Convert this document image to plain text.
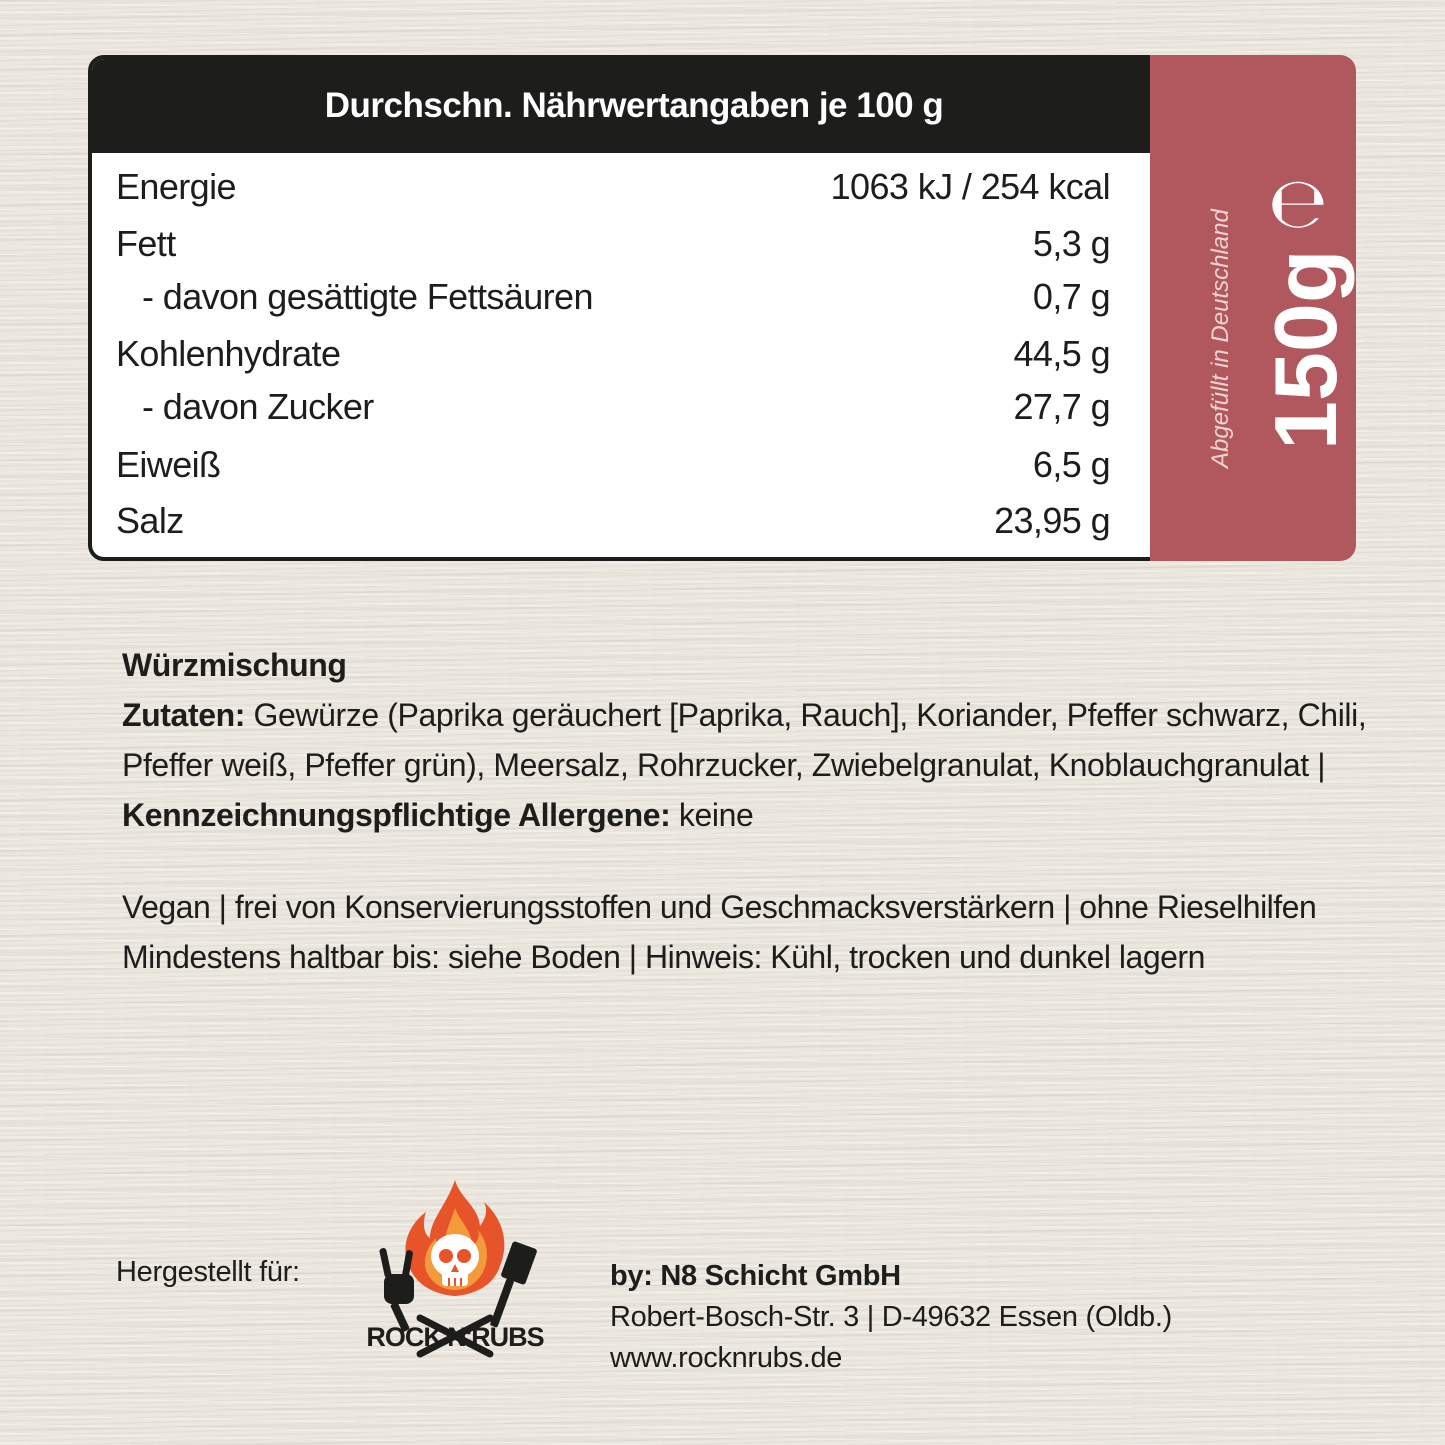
Durchschn. Nährwertangaben je 100 g
Energie	1063 kJ / 254 kcal
Fett	5,3 g
- davon gesättigte Fettsäuren	0,7 g
Kohlenhydrate	44,5 g
- davon Zucker	27,7 g
Eiweiß	6,5 g
Salz	23,95 g
Abgefüllt in Deutschland 150g
℮
Würzmischung
Zutaten: Gewürze (Paprika geräuchert [Paprika, Rauch], Koriander, Pfeffer schwarz, Chili, Pfeffer weiß, Pfeffer grün), Meersalz, Rohrzucker, Zwiebelgranulat, Knoblauchgranulat | Kennzeichnungspflichtige Allergene: keine
Vegan | frei von Konservierungsstoffen und Geschmacksverstärkern | ohne Rieselhilfen
Mindestens haltbar bis: siehe Boden | Hinweis: Kühl, trocken und dunkel lagern
Hergestellt für:
ROCK'N'RUBS
by: N8 Schicht GmbH
Robert-Bosch-Str. 3 | D-49632 Essen (Oldb.)
www.rocknrubs.de
